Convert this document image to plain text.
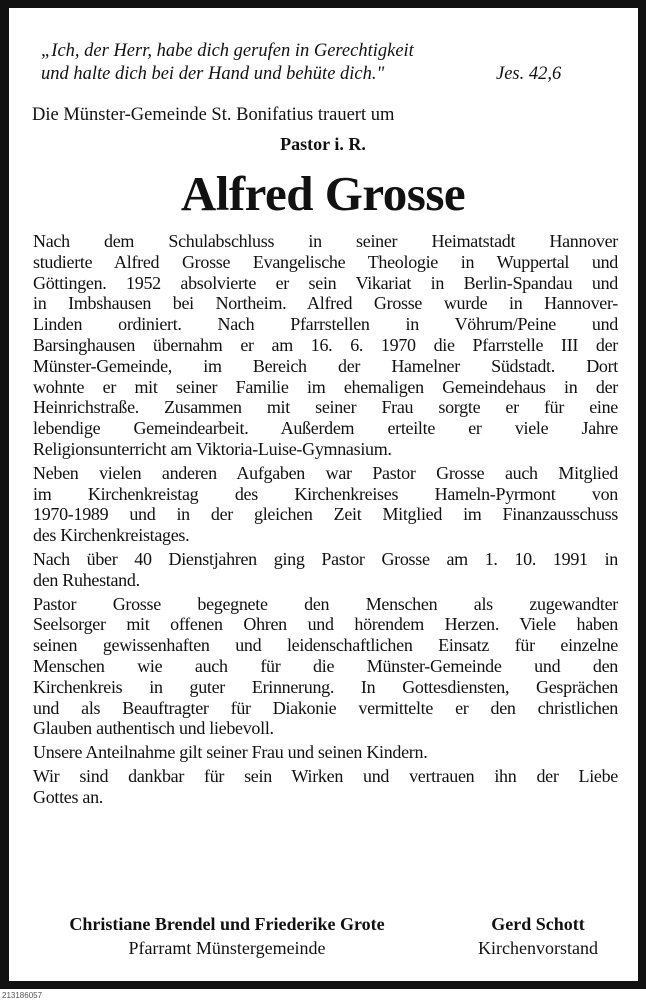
„Ich, der Herr, habe dich gerufen in Gerechtigkeit
und halte dich bei der Hand und behüte dich."	Jes. 42,6
Die Münster-Gemeinde St. Bonifatius trauert um
Pastor i. R.
Alfred Grosse
Nach dem Schulabschluss in seiner Heimatstadt Hannover
studierte Alfred Grosse Evangelische Theologie in Wuppertal und
Göttingen. 1952 absolvierte er sein Vikariat in Berlin-Spandau und
in Imbshausen bei Northeim. Alfred Grosse wurde in Hannover-
Linden ordiniert. Nach Pfarrstellen in Vöhrum/Peine und
Barsinghausen übernahm er am 16. 6. 1970 die Pfarrstelle III der
Münster-Gemeinde, im Bereich der Hamelner Südstadt. Dort
wohnte er mit seiner Familie im ehemaligen Gemeindehaus in der
Heinrichstraße. Zusammen mit seiner Frau sorgte er für eine
lebendige Gemeindearbeit. Außerdem erteilte er viele Jahre
Religionsunterricht am Viktoria-Luise-Gymnasium.
Neben vielen anderen Aufgaben war Pastor Grosse auch Mitglied
im Kirchenkreistag des Kirchenkreises Hameln-Pyrmont von
1970-1989 und in der gleichen Zeit Mitglied im Finanzausschuss
des Kirchenkreistages.
Nach über 40 Dienstjahren ging Pastor Grosse am 1. 10. 1991 in
den Ruhestand.
Pastor Grosse begegnete den Menschen als zugewandter
Seelsorger mit offenen Ohren und hörendem Herzen. Viele haben
seinen gewissenhaften und leidenschaftlichen Einsatz für einzelne
Menschen wie auch für die Münster-Gemeinde und den
Kirchenkreis in guter Erinnerung. In Gottesdiensten, Gesprächen
und als Beauftragter für Diakonie vermittelte er den christlichen
Glauben authentisch und liebevoll.
Unsere Anteilnahme gilt seiner Frau und seinen Kindern.
Wir sind dankbar für sein Wirken und vertrauen ihn der Liebe
Gottes an.
Christiane Brendel und Friederike Grote
Pfarramt Münstergemeinde
Gerd Schott
Kirchenvorstand
213186057
